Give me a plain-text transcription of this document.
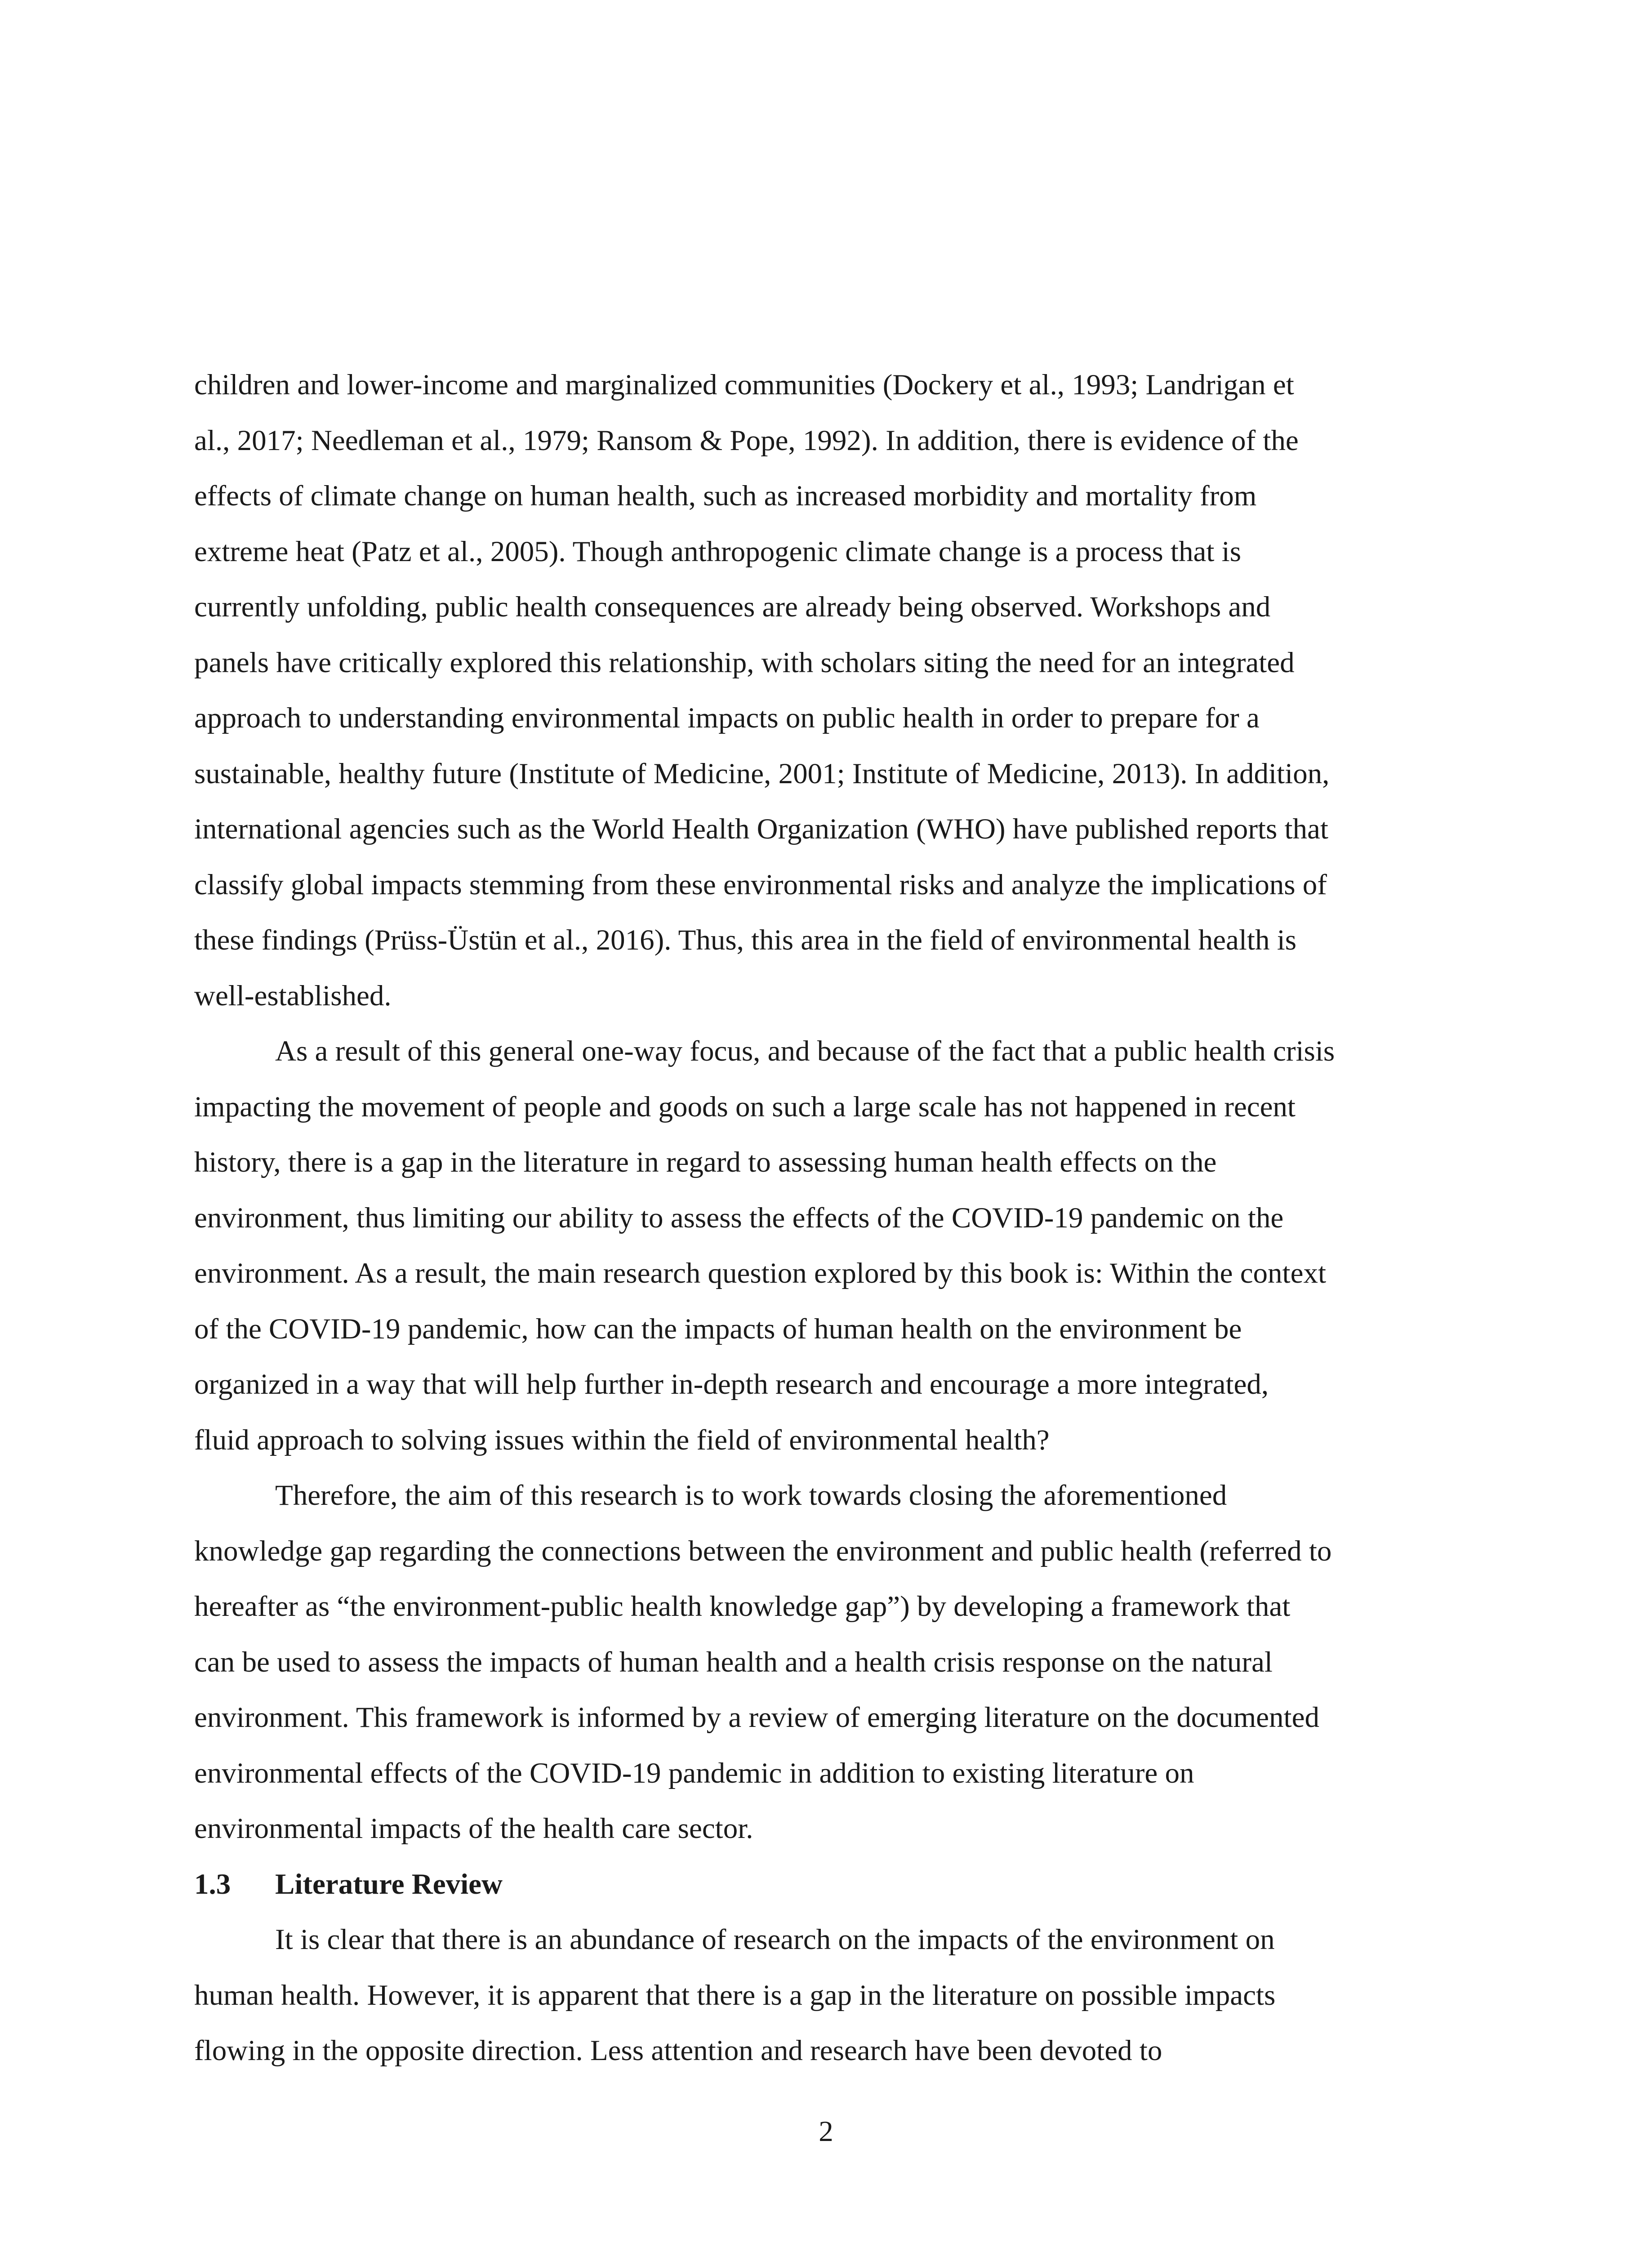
children and lower-income and marginalized communities (Dockery et al., 1993; Landrigan et
al., 2017; Needleman et al., 1979; Ransom & Pope, 1992). In addition, there is evidence of the
effects of climate change on human health, such as increased morbidity and mortality from
extreme heat (Patz et al., 2005). Though anthropogenic climate change is a process that is
currently unfolding, public health consequences are already being observed. Workshops and
panels have critically explored this relationship, with scholars siting the need for an integrated
approach to understanding environmental impacts on public health in order to prepare for a
sustainable, healthy future (Institute of Medicine, 2001; Institute of Medicine, 2013). In addition,
international agencies such as the World Health Organization (WHO) have published reports that
classify global impacts stemming from these environmental risks and analyze the implications of
these findings (Prüss-Üstün et al., 2016). Thus, this area in the field of environmental health is
well-established.
As a result of this general one-way focus, and because of the fact that a public health crisis
impacting the movement of people and goods on such a large scale has not happened in recent
history, there is a gap in the literature in regard to assessing human health effects on the
environment, thus limiting our ability to assess the effects of the COVID-19 pandemic on the
environment. As a result, the main research question explored by this book is: Within the context
of the COVID-19 pandemic, how can the impacts of human health on the environment be
organized in a way that will help further in-depth research and encourage a more integrated,
fluid approach to solving issues within the field of environmental health?
Therefore, the aim of this research is to work towards closing the aforementioned
knowledge gap regarding the connections between the environment and public health (referred to
hereafter as “the environment-public health knowledge gap”) by developing a framework that
can be used to assess the impacts of human health and a health crisis response on the natural
environment. This framework is informed by a review of emerging literature on the documented
environmental effects of the COVID-19 pandemic in addition to existing literature on
environmental impacts of the health care sector.
1.3 Literature Review
It is clear that there is an abundance of research on the impacts of the environment on
human health. However, it is apparent that there is a gap in the literature on possible impacts
flowing in the opposite direction. Less attention and research have been devoted to
2
